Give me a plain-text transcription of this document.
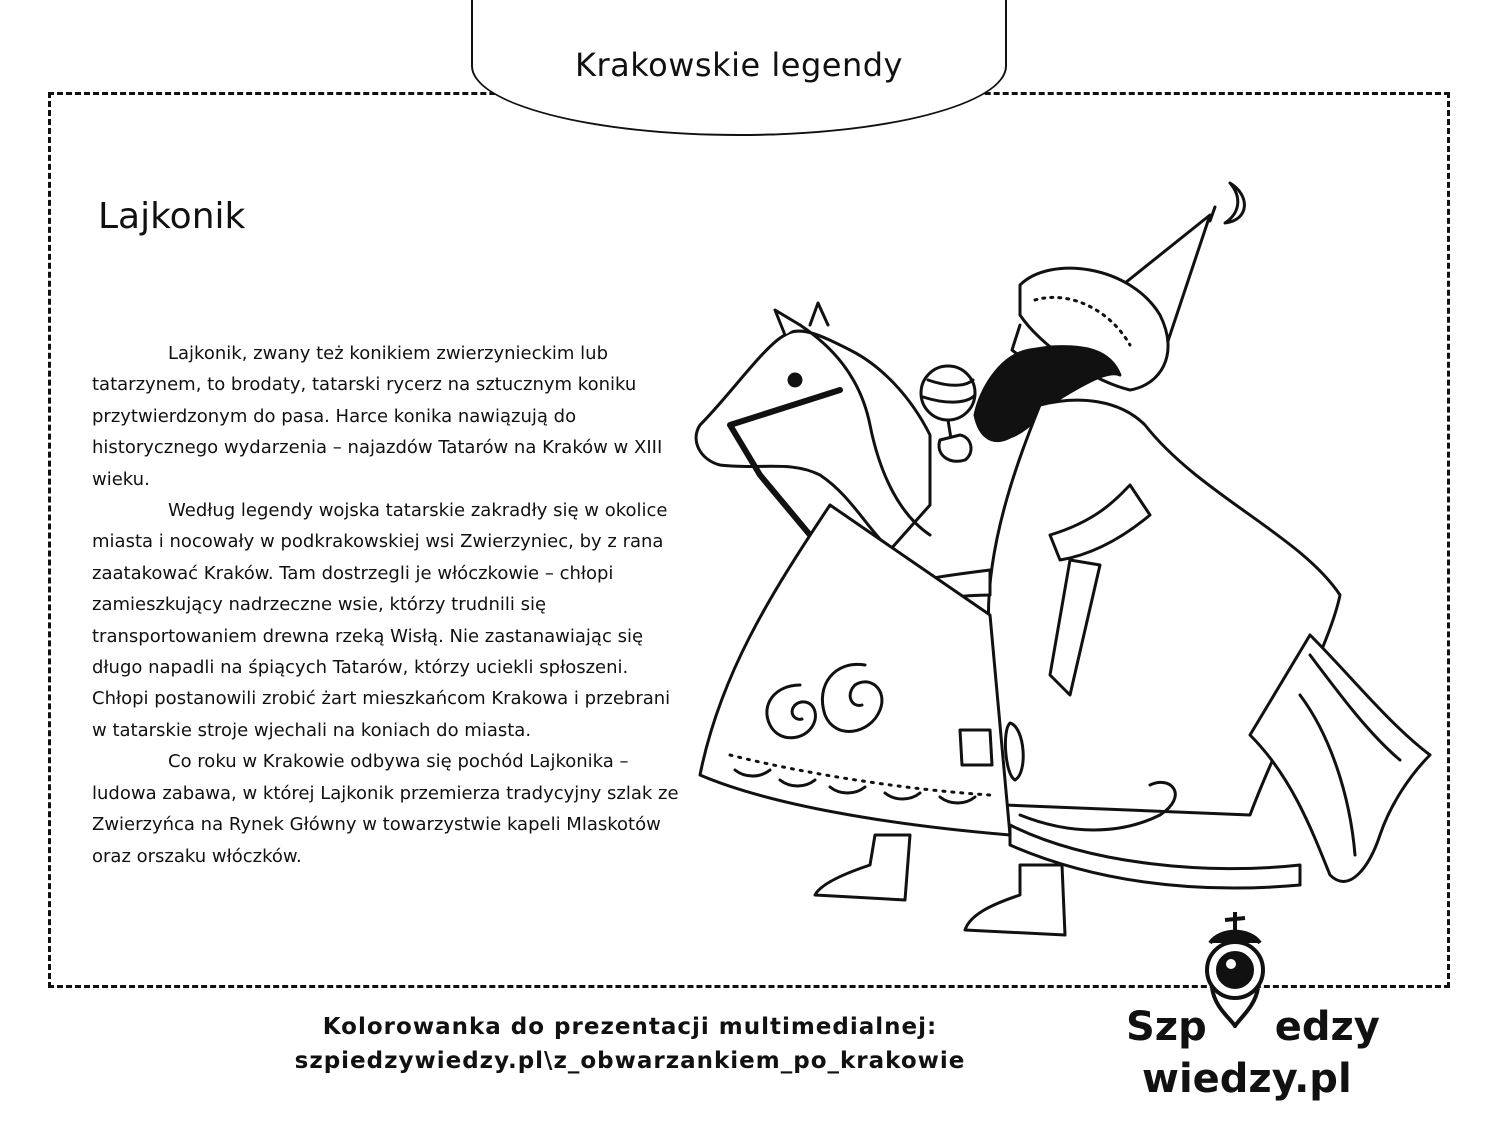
Krakowskie legendy
Lajkonik

Lajkonik, zwany też konikiem zwierzynieckim lub tatarzynem, to brodaty, tatarski rycerz na sztucznym koniku przytwierdzonym do pasa. Harce konika nawiązują do historycznego wydarzenia – najazdów Tatarów na Kraków w XIII wieku.

Według legendy wojska tatarskie zakradły się w okolice miasta i nocowały w podkrakowskiej wsi Zwierzyniec, by z rana zaatakować Kraków. Tam dostrzegli je włóczkowie – chłopi zamieszkujący nadrzeczne wsie, którzy trudnili się transportowaniem drewna rzeką Wisłą. Nie zastanawiając się długo napadli na śpiących Tatarów, którzy uciekli spłoszeni. Chłopi postanowili zrobić żart mieszkańcom Krakowa i przebrani w tatarskie stroje wjechali na koniach do miasta.

Co roku w Krakowie odbywa się pochód Lajkonika – ludowa zabawa, w której Lajkonik przemierza tradycyjny szlak ze Zwierzyńca na Rynek Główny w towarzystwie kapeli Mlaskotów oraz orszaku włóczków.

Kolorowanka do prezentacji multimedialnej:
szpiedzywiedzy.pl\z_obwarzankiem_po_krakowie
Szp edzy
wiedzy.pl
